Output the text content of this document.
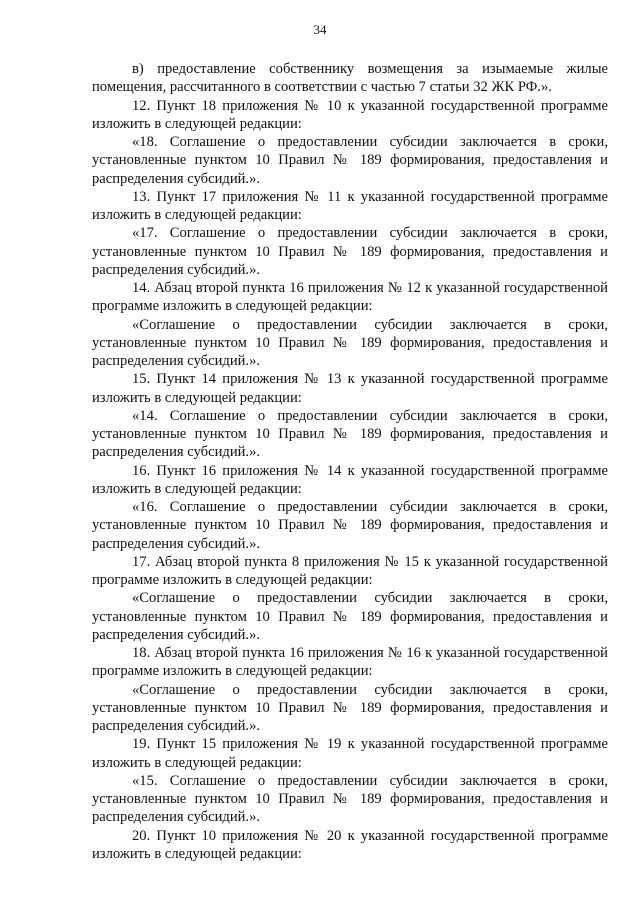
34

в) предоставление собственнику возмещения за изымаемые жилые помещения, рассчитанного в соответствии с частью 7 статьи 32 ЖК РФ.».

12. Пункт 18 приложения № 10 к указанной государственной программе изложить в следующей редакции:

«18. Соглашение о предоставлении субсидии заключается в сроки, установленные пунктом 10 Правил № 189 формирования, предоставления и распределения субсидий.».

13. Пункт 17 приложения № 11 к указанной государственной программе изложить в следующей редакции:

«17. Соглашение о предоставлении субсидии заключается в сроки, установленные пунктом 10 Правил № 189 формирования, предоставления и распределения субсидий.».

14. Абзац второй пункта 16 приложения № 12 к указанной государственной программе изложить в следующей редакции:

«Соглашение о предоставлении субсидии заключается в сроки, установленные пунктом 10 Правил № 189 формирования, предоставления и распределения субсидий.».

15. Пункт 14 приложения № 13 к указанной государственной программе изложить в следующей редакции:

«14. Соглашение о предоставлении субсидии заключается в сроки, установленные пунктом 10 Правил № 189 формирования, предоставления и распределения субсидий.».

16. Пункт 16 приложения № 14 к указанной государственной программе изложить в следующей редакции:

«16. Соглашение о предоставлении субсидии заключается в сроки, установленные пунктом 10 Правил № 189 формирования, предоставления и распределения субсидий.».

17. Абзац второй пункта 8 приложения № 15 к указанной государственной программе изложить в следующей редакции:

«Соглашение о предоставлении субсидии заключается в сроки, установленные пунктом 10 Правил № 189 формирования, предоставления и распределения субсидий.».

18. Абзац второй пункта 16 приложения № 16 к указанной государственной программе изложить в следующей редакции:

«Соглашение о предоставлении субсидии заключается в сроки, установленные пунктом 10 Правил № 189 формирования, предоставления и распределения субсидий.».

19. Пункт 15 приложения № 19 к указанной государственной программе изложить в следующей редакции:

«15. Соглашение о предоставлении субсидии заключается в сроки, установленные пунктом 10 Правил № 189 формирования, предоставления и распределения субсидий.».

20. Пункт 10 приложения № 20 к указанной государственной программе изложить в следующей редакции:
